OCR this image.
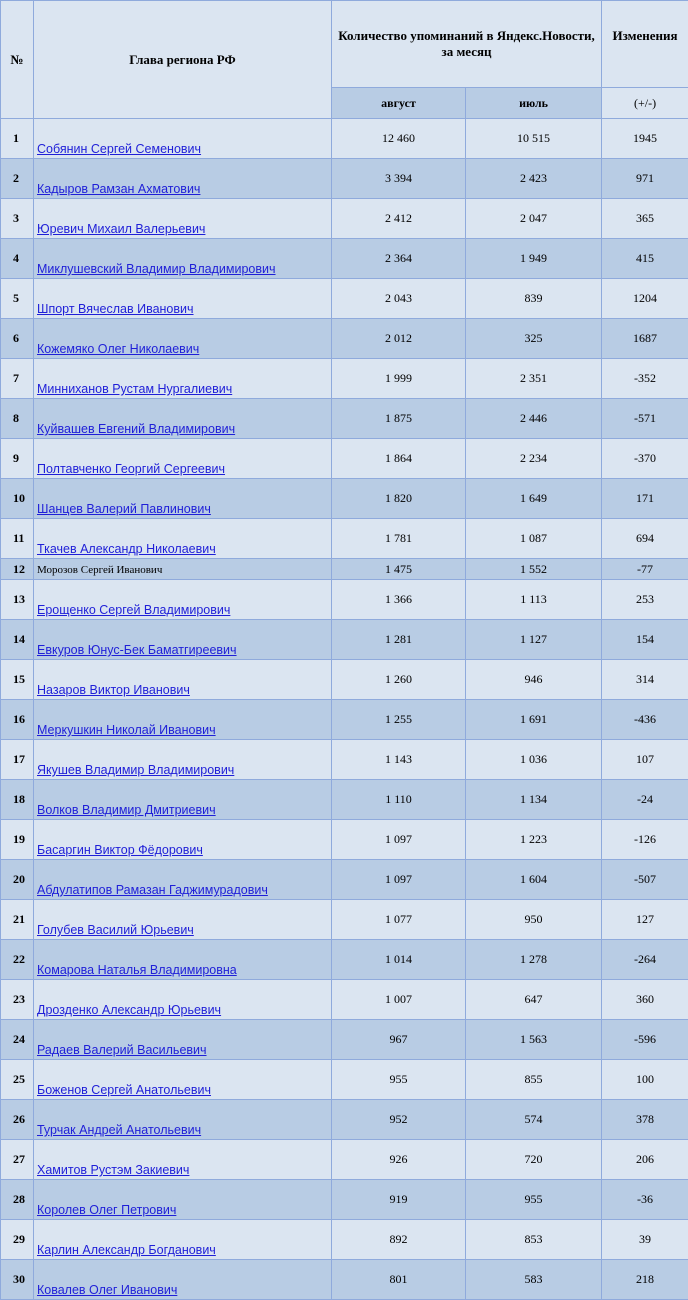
№	Глава региона РФ	Количество упоминаний в Яндекс.Новости, за месяц		Изменения
		август	июль	(+/-)
1	Собянин Сергей Семенович	12 460	10 515	1945
2	Кадыров Рамзан Ахматович	3 394	2 423	971
3	Юревич Михаил Валерьевич	2 412	2 047	365
4	Миклушевский Владимир Владимирович	2 364	1 949	415
5	Шпорт Вячеслав Иванович	2 043	839	1204
6	Кожемяко Олег Николаевич	2 012	325	1687
7	Минниханов Рустам Нургалиевич	1 999	2 351	-352
8	Куйвашев Евгений Владимирович	1 875	2 446	-571
9	Полтавченко Георгий Сергеевич	1 864	2 234	-370
10	Шанцев Валерий Павлинович	1 820	1 649	171
11	Ткачев Александр Николаевич	1 781	1 087	694
12	Морозов Сергей Иванович	1 475	1 552	-77
13	Ерощенко Сергей Владимирович	1 366	1 113	253
14	Евкуров Юнус-Бек Баматгиреевич	1 281	1 127	154
15	Назаров Виктор Иванович	1 260	946	314
16	Меркушкин Николай Иванович	1 255	1 691	-436
17	Якушев Владимир Владимирович	1 143	1 036	107
18	Волков Владимир Дмитриевич	1 110	1 134	-24
19	Басаргин Виктор Фёдорович	1 097	1 223	-126
20	Абдулатипов Рамазан Гаджимурадович	1 097	1 604	-507
21	Голубев Василий Юрьевич	1 077	950	127
22	Комарова Наталья Владимировна	1 014	1 278	-264
23	Дрозденко Александр Юрьевич	1 007	647	360
24	Радаев Валерий Васильевич	967	1 563	-596
25	Боженов Сергей Анатольевич	955	855	100
26	Турчак Андрей Анатольевич	952	574	378
27	Хамитов Рустэм Закиевич	926	720	206
28	Королев Олег Петрович	919	955	-36
29	Карлин Александр Богданович	892	853	39
30	Ковалев Олег Иванович	801	583	218
